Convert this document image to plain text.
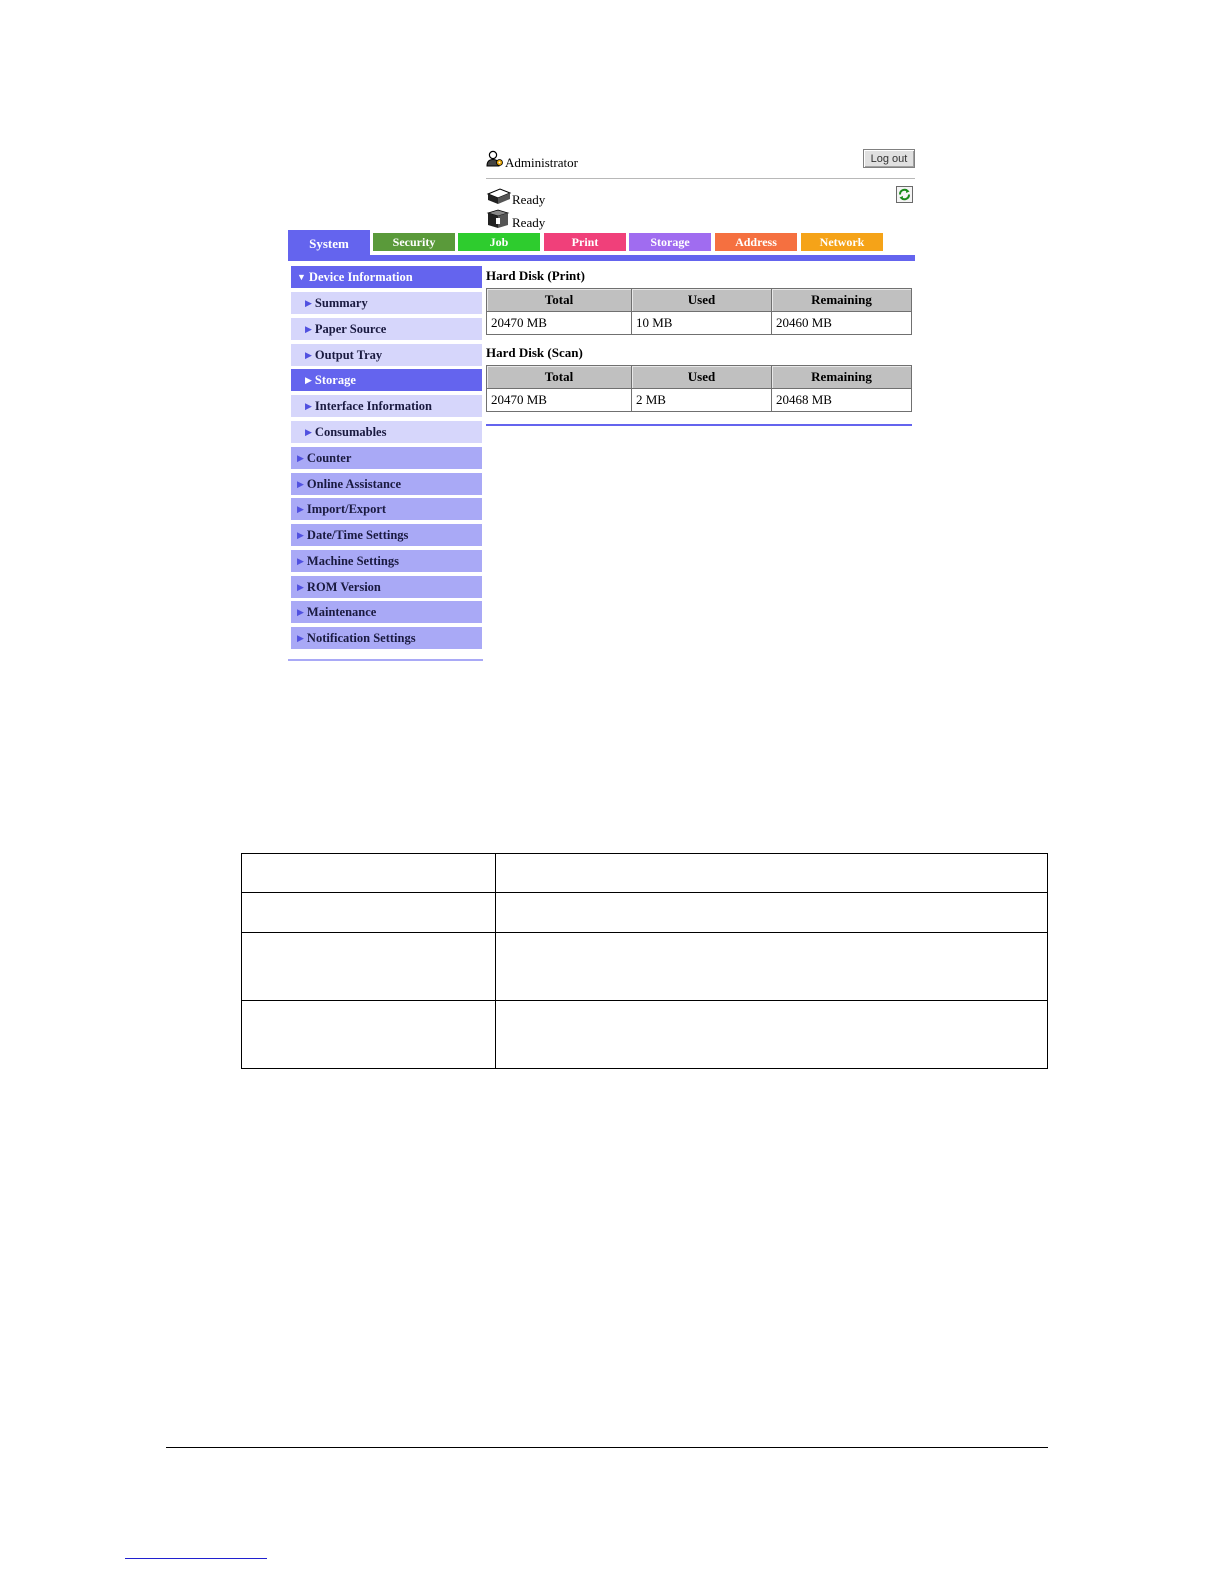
Administrator	Log out
Ready
Ready
System	Security	Job	Print	Storage	Address	Network
▼ Device Information
▶ Summary
▶ Paper Source
▶ Output Tray
▶ Storage
▶ Interface Information
▶ Consumables
▶ Counter
▶ Online Assistance
▶ Import/Export
▶ Date/Time Settings
▶ Machine Settings
▶ ROM Version
▶ Maintenance
▶ Notification Settings
Hard Disk (Print)
Total	Used	Remaining
20470 MB	10 MB	20460 MB
Hard Disk (Scan)
Total	Used	Remaining
20470 MB	2 MB	20468 MB
